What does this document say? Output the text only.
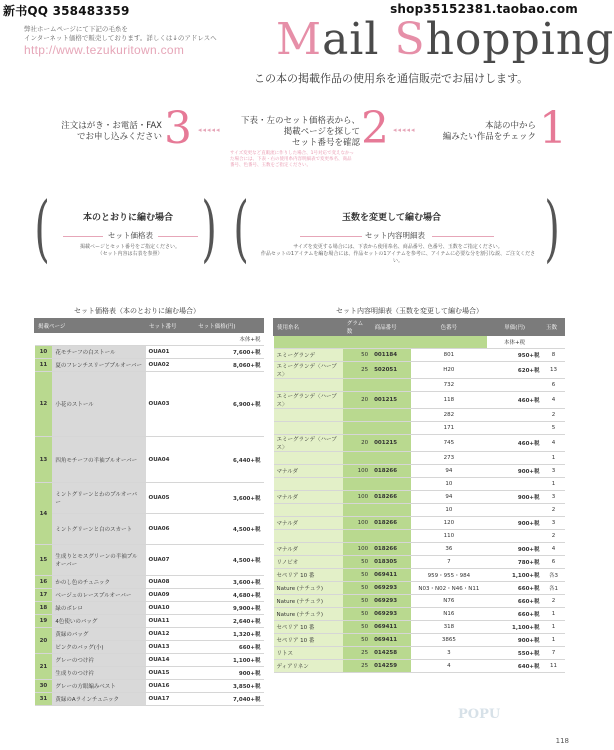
新书QQ 358483359	shop35152381.taobao.com
弊社ホームページにて下記の毛糸を
インターネット価格で販売しております。詳しくは↓のアドレスへ
http://www.tezukuritown.com Mail Shopping
この本の掲載作品の使用糸を通信販売でお届けします。
注文はがき・お電話・FAX
でお申し込みください 3 ◂◂◂◂◂
下表・左のセット価格表から、
掲載ページを探して
セット番号を確認 2 ◂◂◂◂◂
サイズ変更など直販流に作りした場合、1号対応で変えなかった場合には、下表・右の使用糸内容明細表で変更糸名、商品番号、色番号、玉数をご指定ください。
本誌の中から
編みたい作品をチェック 1
( ) (	)
本のとおりに編む場合
セット価格表
掲載ページとセット番号をご指定ください。
（セット内容は右表を参照）
玉数を変更して編む場合
セット内容明細表
サイズを変更する場合には、下表から使用糸名、商品番号、色番号、玉数をご指定ください。
作品セットの1アイテムを編む場合には、作品セットの1アイテムを参考に、アイテムに必要な分を割引な説、ご注文ください。
セット価格表（本のとおりに編む場合）	セット内容明細表（玉数を変更して編む場合）
掲載ページ		セット番号	セット価格(円)
			本体+税
10	花モチーフの白ストール	OUA01	7,600+税
11	夏のフレンチスリーブプルオーバー	OUA02	8,060+税
12	小花のストール	OUA03	6,900+税
13	四角モチーフの半袖プルオーバー	OUA04	6,440+税
14	ミントグリーンとわのプルオーバー	OUA05	3,600+税
	ミントグリーンと白のスカート	OUA06	4,500+税
15	生成りとモスグリーンの半袖プルオーバー	OUA07	4,500+税
16	かのし色のチュニック	OUA08	3,600+税
17	ベージュのレースプルオーバー	OUA09	4,680+税
18	緑のボレロ	OUA10	9,900+税
19	4色使いのバッグ	OUA11	2,640+税
20	黄緑のバッグ	OUA12	1,320+税
	ピンクのバッグ(小)	OUA13	660+税
21	グレーのつけ衿	OUA14	1,100+税
	生成りのつけ衿	OUA15	900+税
30	グレーの方眼編みベスト	OUA16	3,850+税
31	黄緑のAラインチュニック	OUA17	7,040+税
使用糸名	グラム数	商品番号	色番号	単価(円)	玉数
				本体+税	
エミーグランデ	50	001184	801	950+税	8
エミーグランデ〈ハーブス〉	25	502051	H20	620+税	13
			732		6
エミーグランデ〈ハーブス〉	20	001215	118	460+税	4
			282		2
			171		5
エミーグランデ〈ハーブス〉	20	001215	745	460+税	4
			273		1
マナルダ	100	018266	94	900+税	3
			10		1
マナルダ	100	018266	94	900+税	3
			10		2
マナルダ	100	018266	120	900+税	3
			110		2
マナルダ	100	018266	36	900+税	4
リノビオ	50	018305	7	780+税	6
セペリア 10 番	50	069411	959・955・984	1,100+税	各3
Nature (ナチュラ)	50	069293	N03・N02・N46・N11	660+税	各1
Nature (ナチュラ)	50	069293	N76	660+税	2
Nature (ナチュラ)	50	069293	N16	660+税	1
セペリア 10 番	50	069411	318	1,100+税	1
セペリア 10 番	50	069411	3865	900+税	1
リトス	25	014258	3	550+税	7
ディアリネン	25	014259	4	640+税	11
POPU
118
